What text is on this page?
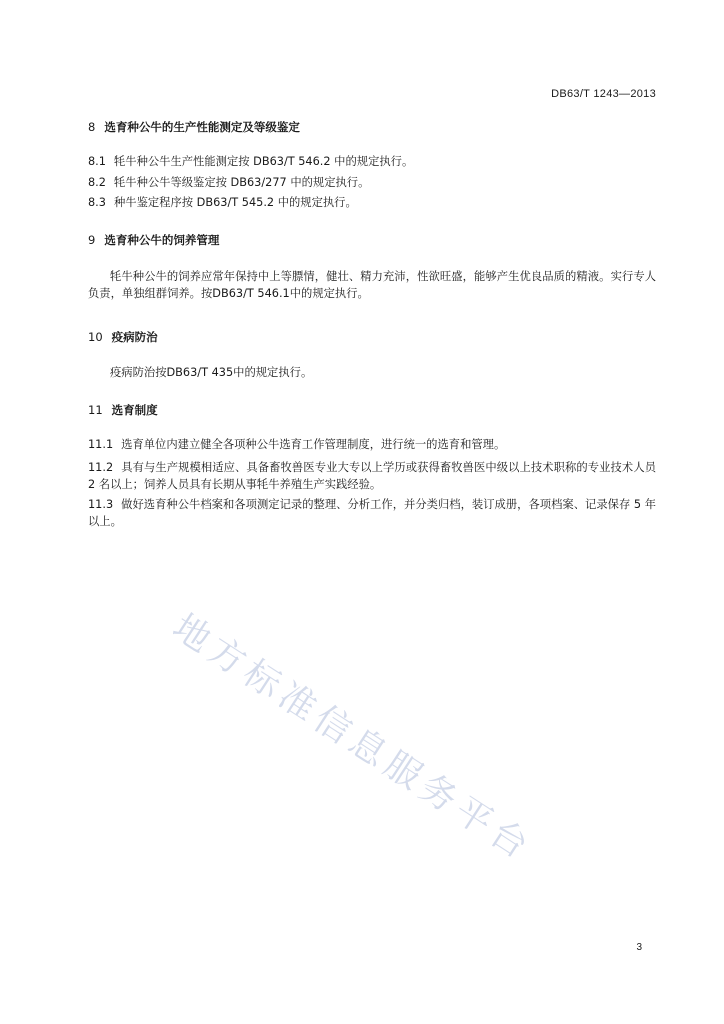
DB63/T 1243—2013
8 选育种公牛的生产性能测定及等级鉴定
8.1 牦牛种公牛生产性能测定按 DB63/T 546.2 中的规定执行。
8.2 牦牛种公牛等级鉴定按 DB63/277 中的规定执行。
8.3 种牛鉴定程序按 DB63/T 545.2 中的规定执行。
9 选育种公牛的饲养管理
牦牛种公牛的饲养应常年保持中上等膘情，健壮、精力充沛，性欲旺盛，能够产生优良品质的精液。实行专人负责，单独组群饲养。按DB63/T 546.1中的规定执行。
10 疫病防治
疫病防治按DB63/T 435中的规定执行。
11 选育制度
11.1 选育单位内建立健全各项种公牛选育工作管理制度，进行统一的选育和管理。
11.2 具有与生产规模相适应、具备畜牧兽医专业大专以上学历或获得畜牧兽医中级以上技术职称的专业技术人员 2 名以上；饲养人员具有长期从事牦牛养殖生产实践经验。
11.3 做好选育种公牛档案和各项测定记录的整理、分析工作，并分类归档，装订成册，各项档案、记录保存 5 年以上。
地方标准信息服务平台
3
